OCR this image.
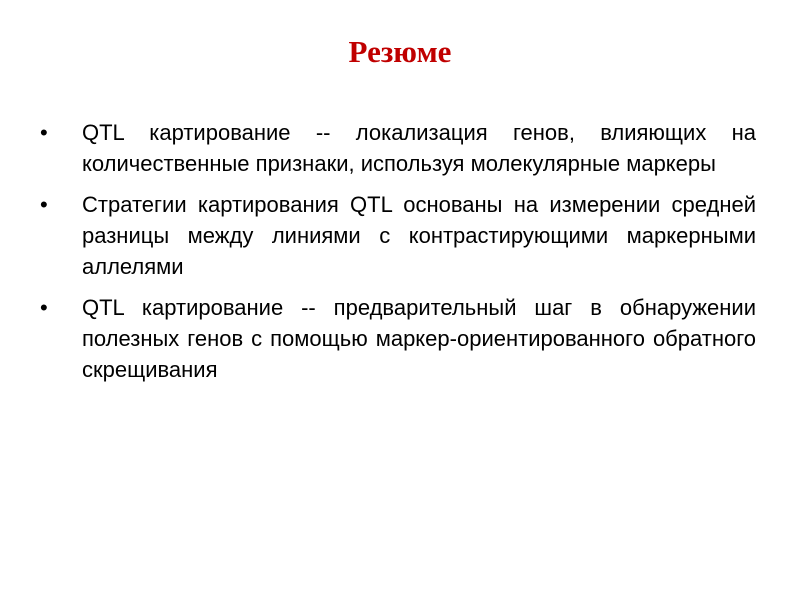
Резюме
•	QTL картирование -- локализация генов, влияющих на количественные признаки, используя молекулярные маркеры
•	Стратегии картирования QTL основаны на измерении средней разницы между линиями с контрастирующими маркерными аллелями
•	QTL картирование -- предварительный шаг в обнаружении полезных генов с помощью маркер-ориентированного обратного скрещивания
